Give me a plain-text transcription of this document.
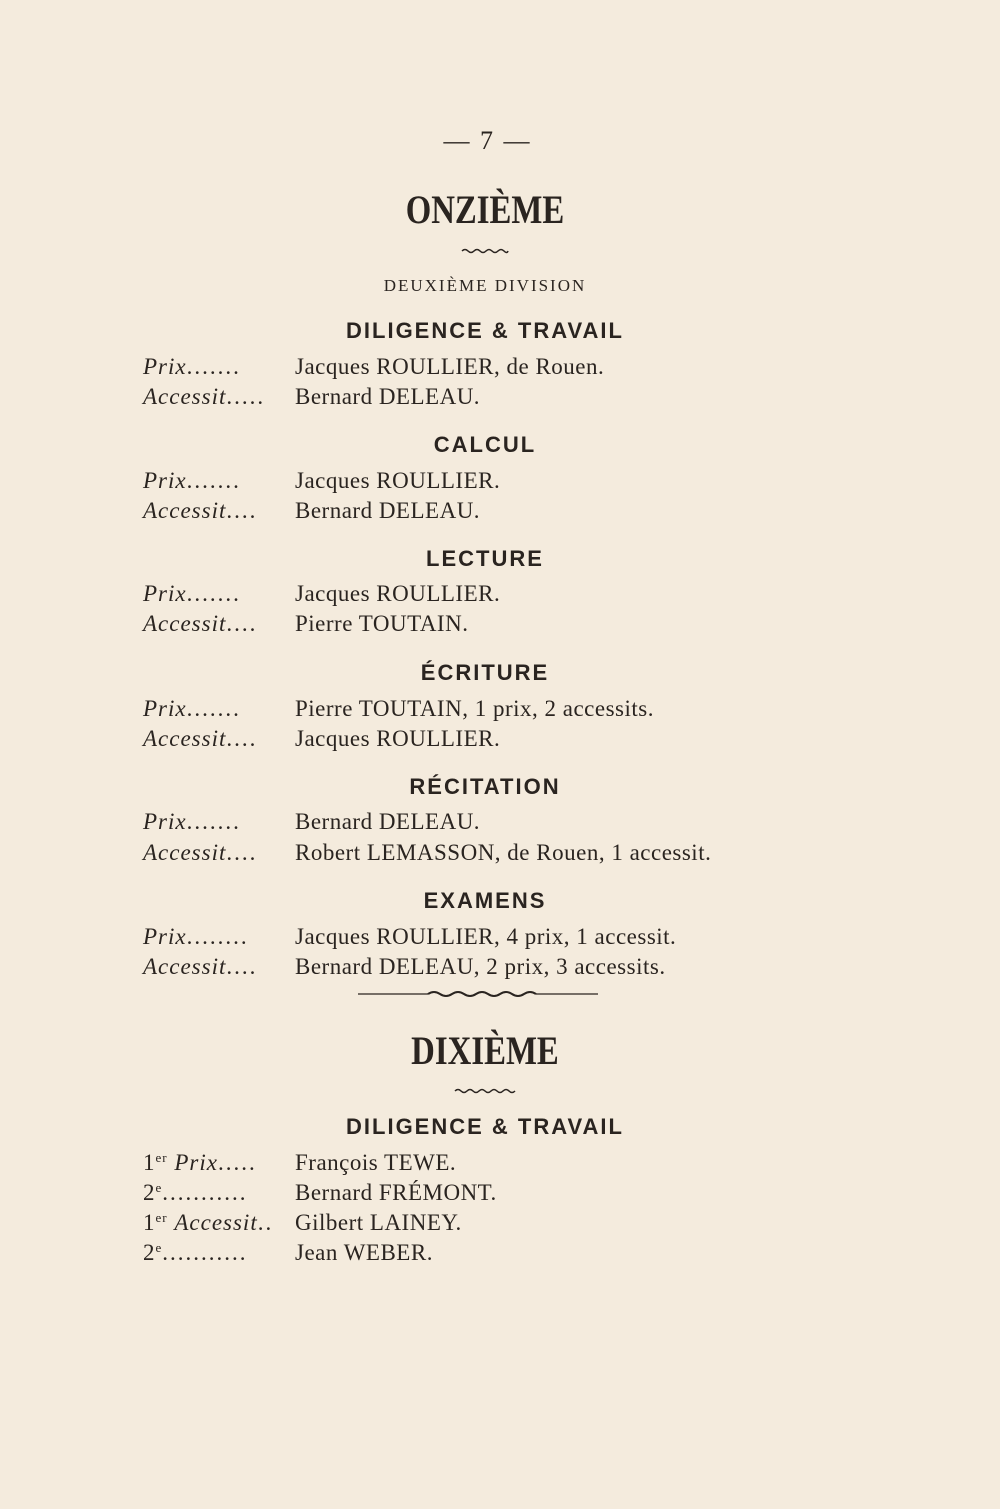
— 7 —
ONZIÈME
DEUXIÈME DIVISION
DILIGENCE & TRAVAIL
Prix....... Jacques ROULLIER, de Rouen.
Accessit..... Bernard DELEAU.
CALCUL
Prix....... Jacques ROULLIER.
Accessit.... Bernard DELEAU.
LECTURE
Prix....... Jacques ROULLIER.
Accessit.... Pierre TOUTAIN.
ÉCRITURE
Prix....... Pierre TOUTAIN, 1 prix, 2 accessits.
Accessit.... Jacques ROULLIER.
RÉCITATION
Prix....... Bernard DELEAU.
Accessit.... Robert LEMASSON, de Rouen, 1 accessit.
EXAMENS
Prix........ Jacques ROULLIER, 4 prix, 1 accessit.
Accessit.... Bernard DELEAU, 2 prix, 3 accessits.
DIXIÈME
DILIGENCE & TRAVAIL
1er Prix..... François TEWE.
2e........... Bernard FRÉMONT.
1er Accessit.. Gilbert LAINEY.
2e........... Jean WEBER.
